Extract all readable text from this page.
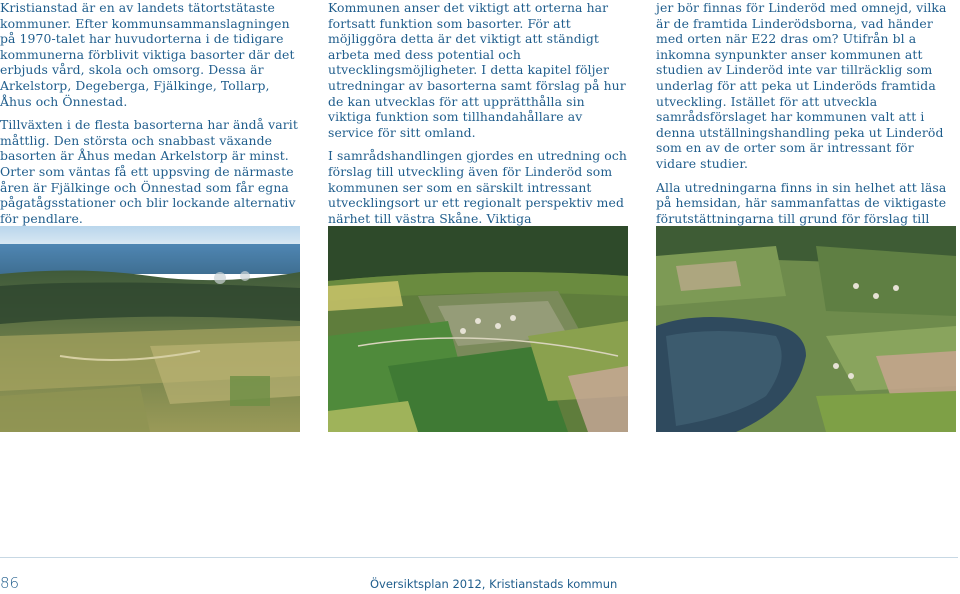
Kristianstad är en av landets tätortstätaste kommuner. Efter kommunsammanslagningen på 1970-talet har huvudorterna i de tidigare kommunerna förblivit viktiga basorter där det erbjuds vård, skola och omsorg. Dessa är Arkelstorp, Degeberga, Fjälkinge, Tollarp, Åhus och Önnestad.

Tillväxten i de flesta basorterna har ändå varit måttlig. Den största och snabbast växande basorten är Åhus medan Arkelstorp är minst. Orter som väntas få ett uppsving de närmaste åren är Fjälkinge och Önnestad som får egna pågatågsstationer och blir lockande alternativ för pendlare.

Kommunen anser det viktigt att orterna har fortsatt funktion som basorter. För att möjliggöra detta är det viktigt att ständigt arbeta med dess potential och utvecklingsmöjligheter. I detta kapitel följer utredningar av basorterna samt förslag på hur de kan utvecklas för att upprätthålla sin viktiga funktion som tillhandahållare av service för sitt omland.

I samrådshandlingen gjordes en utredning och förslag till utveckling även för Linderöd som kommunen ser som en särskilt intressant utvecklingsort ur ett regionalt perspektiv med närhet till västra Skåne. Viktiga

jer bör finnas för Linderöd med omnejd, vilka är de framtida Linderödsborna, vad händer med orten när E22 dras om? Utifrån bl a inkomna synpunkter anser kommunen att studien av Linderöd inte var tillräcklig som underlag för att peka ut Linderöds framtida utveckling. Istället för att utveckla samrådsförslaget har kommunen valt att i denna utställningshandling peka ut Linderöd som en av de orter som är intressant för vidare studier.

Alla utredningarna finns in sin helhet att läsa på hemsidan, här sammanfattas de viktigaste förutstättningarna till grund för förslag till

86	Översiktsplan 2012, Kristianstads kommun
